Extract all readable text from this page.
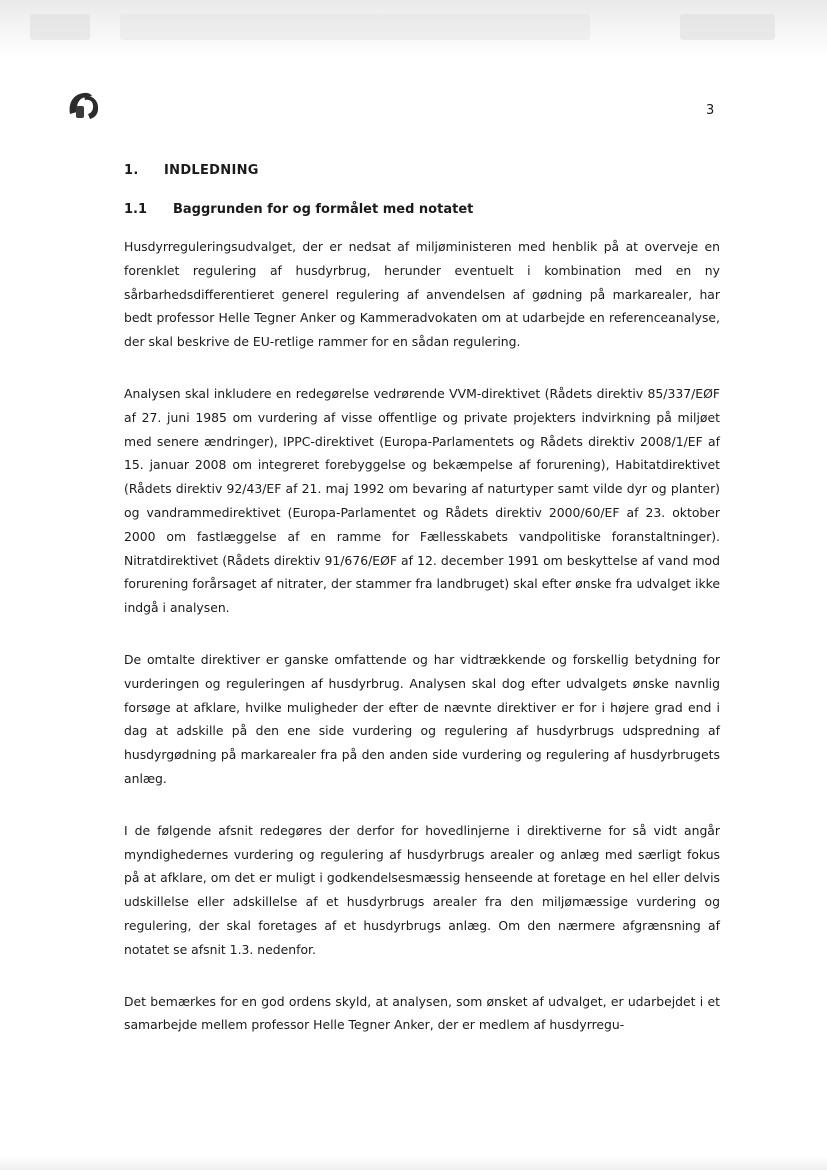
3
1. INDLEDNING
1.1 Baggrunden for og formålet med notatet

Husdyrreguleringsudvalget, der er nedsat af miljøministeren med henblik på at overveje en forenklet regulering af husdyrbrug, herunder eventuelt i kombination med en ny sårbarhedsdifferentieret generel regulering af anvendelsen af gødning på markarealer, har bedt professor Helle Tegner Anker og Kammeradvokaten om at udarbejde en referenceanalyse, der skal beskrive de EU-retlige rammer for en sådan regulering.

Analysen skal inkludere en redegørelse vedrørende VVM-direktivet (Rådets direktiv 85/337/EØF af 27. juni 1985 om vurdering af visse offentlige og private projekters indvirkning på miljøet med senere ændringer), IPPC-direktivet (Europa-Parlamentets og Rådets direktiv 2008/1/EF af 15. januar 2008 om integreret forebyggelse og bekæmpelse af forurening), Habitatdirektivet (Rådets direktiv 92/43/EF af 21. maj 1992 om bevaring af naturtyper samt vilde dyr og planter) og vandrammedirektivet (Europa-Parlamentet og Rådets direktiv 2000/60/EF af 23. oktober 2000 om fastlæggelse af en ramme for Fællesskabets vandpolitiske foranstaltninger). Nitratdirektivet (Rådets direktiv 91/676/EØF af 12. december 1991 om beskyttelse af vand mod forurening forårsaget af nitrater, der stammer fra landbruget) skal efter ønske fra udvalget ikke indgå i analysen.

De omtalte direktiver er ganske omfattende og har vidtrækkende og forskellig betydning for vurderingen og reguleringen af husdyrbrug. Analysen skal dog efter udvalgets ønske navnlig forsøge at afklare, hvilke muligheder der efter de nævnte direktiver er for i højere grad end i dag at adskille på den ene side vurdering og regulering af husdyrbrugs udspredning af husdyrgødning på markarealer fra på den anden side vurdering og regulering af husdyrbrugets anlæg.

I de følgende afsnit redegøres der derfor for hovedlinjerne i direktiverne for så vidt angår myndighedernes vurdering og regulering af husdyrbrugs arealer og anlæg med særligt fokus på at afklare, om det er muligt i godkendelsesmæssig henseende at foretage en hel eller delvis udskillelse eller adskillelse af et husdyrbrugs arealer fra den miljømæssige vurdering og regulering, der skal foretages af et husdyrbrugs anlæg. Om den nærmere afgrænsning af notatet se afsnit 1.3. nedenfor.

Det bemærkes for en god ordens skyld, at analysen, som ønsket af udvalget, er udarbejdet i et samarbejde mellem professor Helle Tegner Anker, der er medlem af husdyrregu-
